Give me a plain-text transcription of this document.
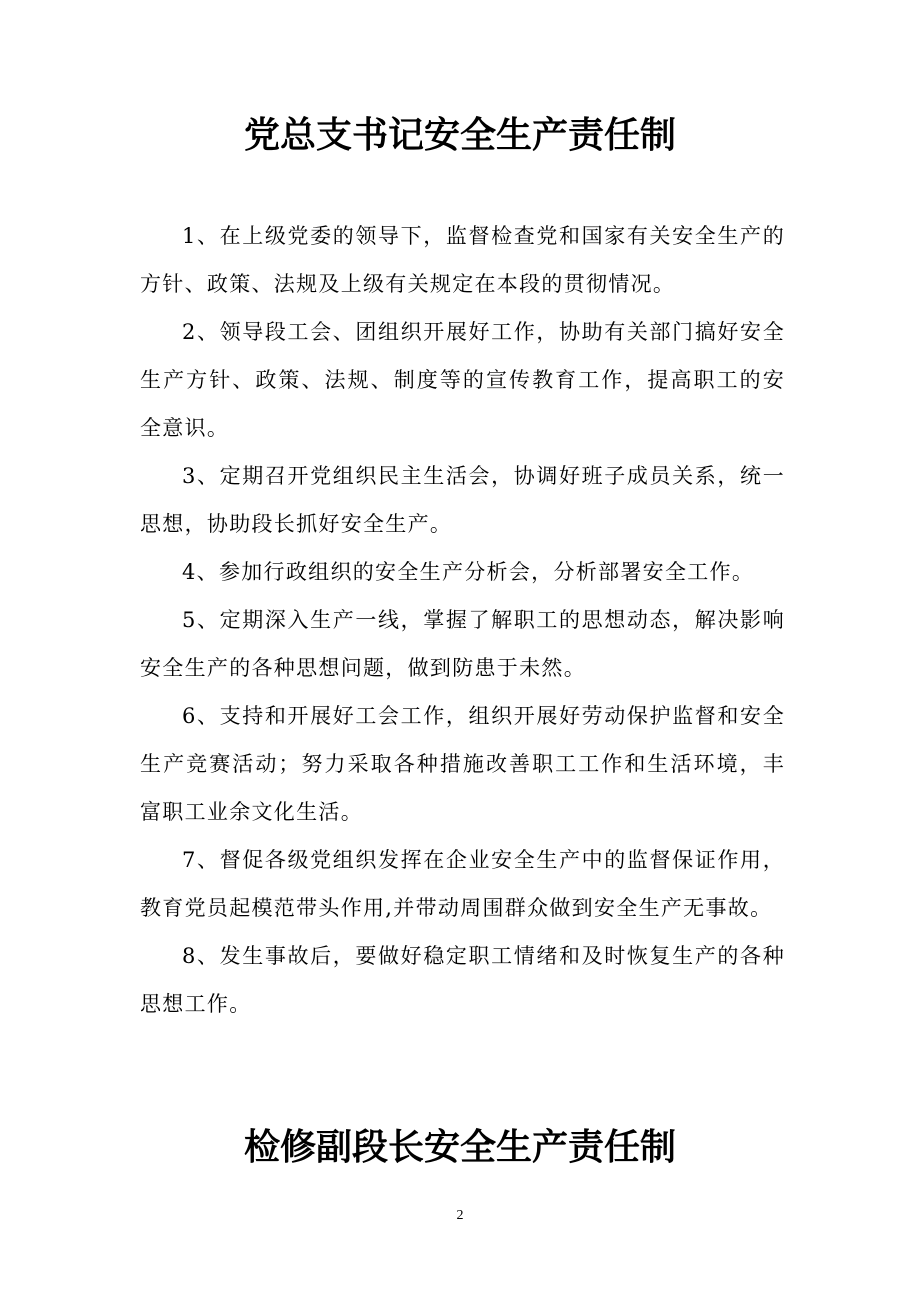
党总支书记安全生产责任制

1、在上级党委的领导下，监督检查党和国家有关安全生产的方针、政策、法规及上级有关规定在本段的贯彻情况。

2、领导段工会、团组织开展好工作，协助有关部门搞好安全生产方针、政策、法规、制度等的宣传教育工作，提高职工的安全意识。

3、定期召开党组织民主生活会，协调好班子成员关系，统一思想，协助段长抓好安全生产。

4、参加行政组织的安全生产分析会，分析部署安全工作。

5、定期深入生产一线，掌握了解职工的思想动态，解决影响安全生产的各种思想问题，做到防患于未然。

6、支持和开展好工会工作，组织开展好劳动保护监督和安全生产竞赛活动；努力采取各种措施改善职工工作和生活环境，丰富职工业余文化生活。

7、督促各级党组织发挥在企业安全生产中的监督保证作用，教育党员起模范带头作用,并带动周围群众做到安全生产无事故。

8、发生事故后，要做好稳定职工情绪和及时恢复生产的各种思想工作。

检修副段长安全生产责任制
2
